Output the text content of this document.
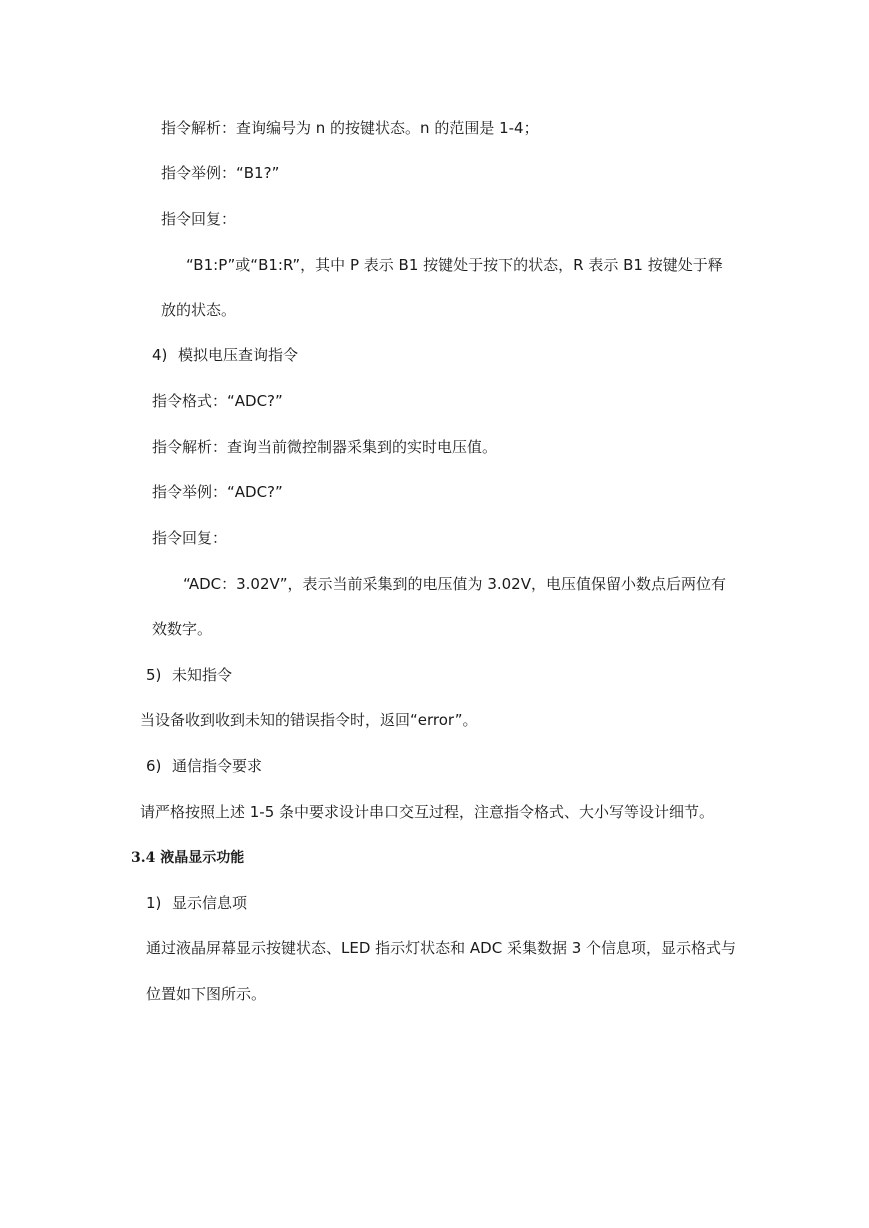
指令解析：查询编号为 n 的按键状态。n 的范围是 1-4；
指令举例：“B1?”
指令回复：
“B1:P”或“B1:R”，其中 P 表示 B1 按键处于按下的状态，R 表示 B1 按键处于释
放的状态。
4) 模拟电压查询指令
指令格式：“ADC?”
指令解析：查询当前微控制器采集到的实时电压值。
指令举例：“ADC?”
指令回复：
“ADC：3.02V”，表示当前采集到的电压值为 3.02V，电压值保留小数点后两位有
效数字。
5) 未知指令
当设备收到收到未知的错误指令时，返回“error”。
6) 通信指令要求
请严格按照上述 1-5 条中要求设计串口交互过程，注意指令格式、大小写等设计细节。
3.4 液晶显示功能
1) 显示信息项
通过液晶屏幕显示按键状态、LED 指示灯状态和 ADC 采集数据 3 个信息项，显示格式与
位置如下图所示。
